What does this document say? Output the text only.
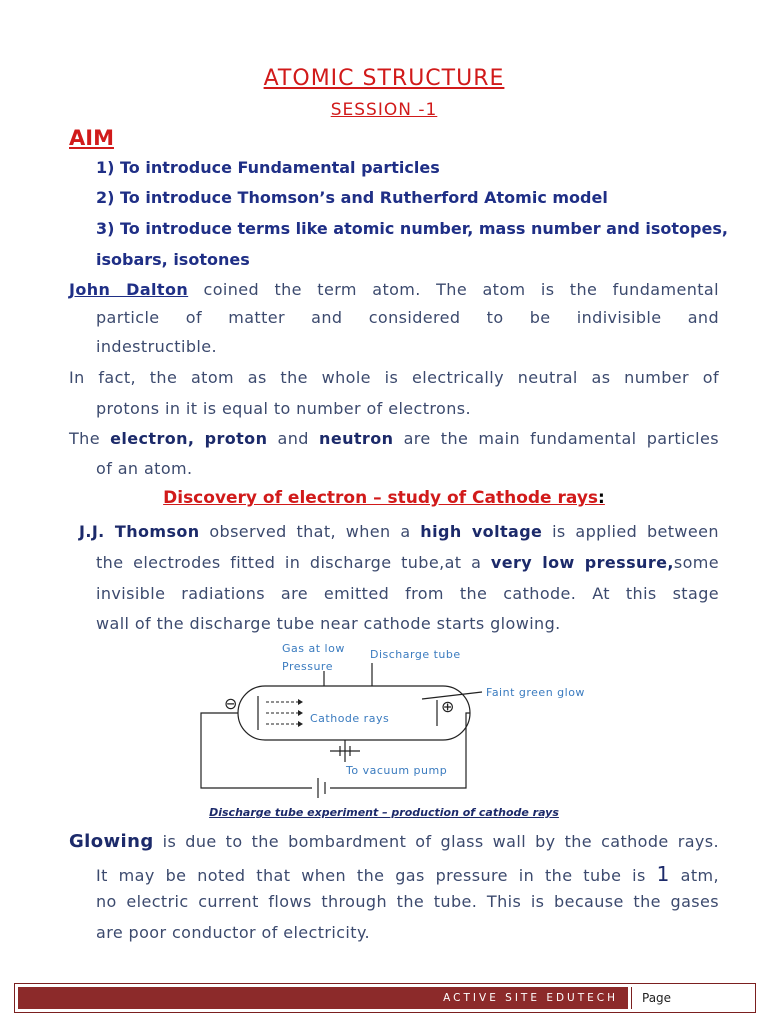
ATOMIC STRUCTURE
SESSION -1
AIM
1) To introduce Fundamental particles
2) To introduce Thomson’s and Rutherford Atomic model
3) To introduce terms like atomic number, mass number and isotopes,
isobars, isotones
John Dalton coined the term atom. The atom is the fundamental
particle of matter and considered to be indivisible and
indestructible.
In fact, the atom as the whole is electrically neutral as number of
protons in it is equal to number of electrons.
The electron, proton and neutron are the main fundamental particles
of an atom.
Discovery of electron – study of Cathode rays:
J.J. Thomson observed that, when a high voltage is applied between
the electrodes fitted in discharge tube,at a very low pressure,some
invisible radiations are emitted from the cathode. At this stage
wall of the discharge tube near cathode starts glowing.
Gas at low
Pressure
Discharge tube
Faint green glow
Cathode rays
To vacuum pump
⊖	⊕
Discharge tube experiment – production of cathode rays
Glowing is due to the bombardment of glass wall by the cathode rays.
It may be noted that when the gas pressure in the tube is 1 atm,
no electric current flows through the tube. This is because the gases
are poor conductor of electricity.
ACTIVE SITE EDUTECH	Page
